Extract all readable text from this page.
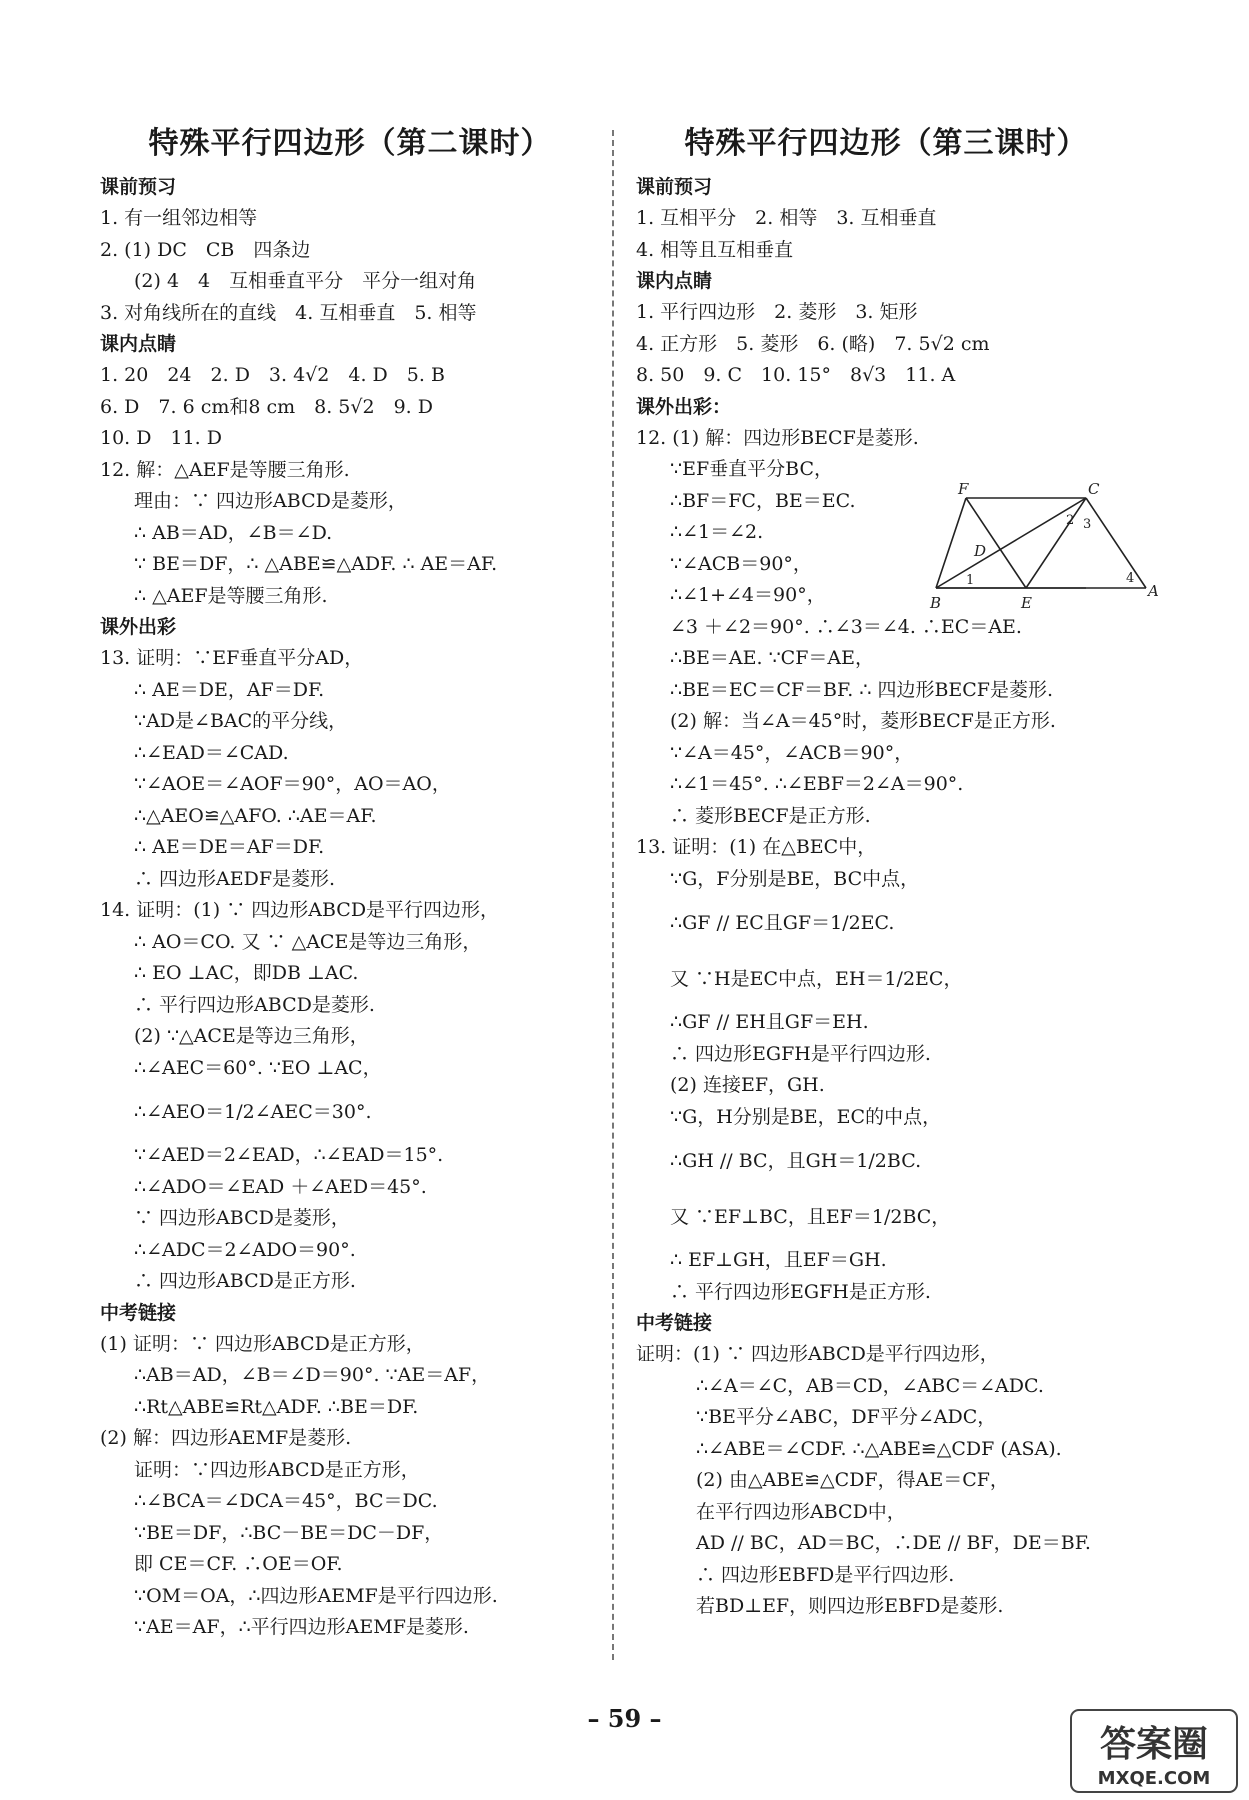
特殊平行四边形（第二课时）
课前预习
1. 有一组邻边相等
2. (1) DC　CB　四条边
(2) 4　4　互相垂直平分　平分一组对角
3. 对角线所在的直线　4. 互相垂直　5. 相等
课内点睛
1. 20　24　2. D　3. 4√2　4. D　5. B
6. D　7. 6 cm和8 cm　8. 5√2　9. D
10. D　11. D
12. 解：△AEF是等腰三角形.
理由：∵ 四边形ABCD是菱形，
∴ AB＝AD，∠B＝∠D.
∵ BE＝DF，∴ △ABE≌△ADF. ∴ AE＝AF.
∴ △AEF是等腰三角形.
课外出彩
13. 证明：∵EF垂直平分AD，
∴ AE＝DE，AF＝DF.
∵AD是∠BAC的平分线，
∴∠EAD＝∠CAD.
∵∠AOE＝∠AOF＝90°，AO＝AO，
∴△AEO≌△AFO. ∴AE＝AF.
∴ AE＝DE＝AF＝DF.
∴ 四边形AEDF是菱形.
14. 证明：(1) ∵ 四边形ABCD是平行四边形，
∴ AO＝CO. 又 ∵ △ACE是等边三角形，
∴ EO ⊥AC，即DB ⊥AC.
∴ 平行四边形ABCD是菱形.
(2) ∵△ACE是等边三角形，
∴∠AEC＝60°. ∵EO ⊥AC，
∴∠AEO＝1/2∠AEC＝30°.
∵∠AED＝2∠EAD，∴∠EAD＝15°.
∴∠ADO＝∠EAD ＋∠AED＝45°.
∵ 四边形ABCD是菱形，
∴∠ADC＝2∠ADO＝90°.
∴ 四边形ABCD是正方形.
中考链接
(1) 证明：∵ 四边形ABCD是正方形，
∴AB＝AD，∠B＝∠D＝90°. ∵AE＝AF，
∴Rt△ABE≌Rt△ADF. ∴BE＝DF.
(2) 解：四边形AEMF是菱形.
证明：∵四边形ABCD是正方形，
∴∠BCA＝∠DCA＝45°，BC＝DC.
∵BE＝DF，∴BC－BE＝DC－DF，
即 CE＝CF. ∴OE＝OF.
∵OM＝OA，∴四边形AEMF是平行四边形.
∵AE＝AF，∴平行四边形AEMF是菱形.
特殊平行四边形（第三课时）
课前预习
1. 互相平分　2. 相等　3. 互相垂直
4. 相等且互相垂直
课内点睛
1. 平行四边形　2. 菱形　3. 矩形
4. 正方形　5. 菱形　6. (略)　7. 5√2 cm
8. 50　9. C　10. 15°　8√3　11. A
课外出彩：
12. (1) 解：四边形BECF是菱形.
∵EF垂直平分BC，
∴BF＝FC，BE＝EC.
∴∠1＝∠2.
∵∠ACB＝90°，
∴∠1+∠4＝90°，
∠3 ＋∠2＝90°. ∴∠3＝∠4. ∴EC＝AE.
∴BE＝AE. ∵CF＝AE，
∴BE＝EC＝CF＝BF. ∴ 四边形BECF是菱形.
(2) 解：当∠A＝45°时，菱形BECF是正方形.
∵∠A＝45°，∠ACB＝90°，
∴∠1＝45°. ∴∠EBF＝2∠A＝90°.
∴ 菱形BECF是正方形.
13. 证明：(1) 在△BEC中，
∵G，F分别是BE，BC中点，
∴GF // EC且GF＝1/2EC.
又 ∵H是EC中点，EH＝1/2EC，
∴GF // EH且GF＝EH.
∴ 四边形EGFH是平行四边形.
(2) 连接EF，GH.
∵G，H分别是BE，EC的中点，
∴GH // BC，且GH＝1/2BC.
又 ∵EF⊥BC，且EF＝1/2BC，
∴ EF⊥GH，且EF＝GH.
∴ 平行四边形EGFH是正方形.
中考链接
证明：(1) ∵ 四边形ABCD是平行四边形，
∴∠A＝∠C，AB＝CD，∠ABC＝∠ADC.
∵BE平分∠ABC，DF平分∠ADC，
∴∠ABE＝∠CDF. ∴△ABE≌△CDF (ASA).
(2) 由△ABE≌△CDF，得AE＝CF，
在平行四边形ABCD中，
AD // BC，AD＝BC，∴DE // BF，DE＝BF.
∴ 四边形EBFD是平行四边形.
若BD⊥EF，则四边形EBFD是菱形.
F	C
D
B	E
A
1
2 3
4
– 59 –
答案圈
MXQE.COM
